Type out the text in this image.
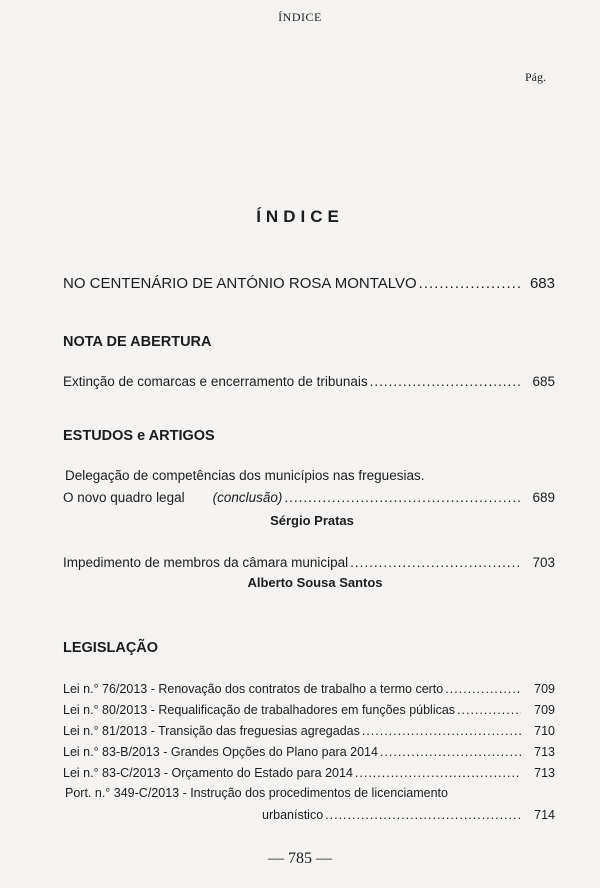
ÍNDICE
Pág.
ÍNDICE
NO CENTENÁRIO DE ANTÓNIO ROSA MONTALVO .....	683
NOTA DE ABERTURA
Extinção de comarcas e encerramento de tribunais .....	685
ESTUDOS e ARTIGOS
Delegação de competências dos municípios nas freguesias.
O novo quadro legal (conclusão) .....	689
Sérgio Pratas
Impedimento de membros da câmara municipal .....	703
Alberto Sousa Santos
LEGISLAÇÃO
Lei n.° 76/2013 - Renovação dos contratos de trabalho a termo certo .....	709
Lei n.° 80/2013 - Requalificação de trabalhadores em funções públicas .....	709
Lei n.° 81/2013 - Transição das freguesias agregadas .....	710
Lei n.° 83-B/2013 - Grandes Opções do Plano para 2014 .....	713
Lei n.° 83-C/2013 - Orçamento do Estado para 2014 .....	713
Port. n.° 349-C/2013 - Instrução dos procedimentos de licenciamento
urbanístico .....	714
— 785 —
